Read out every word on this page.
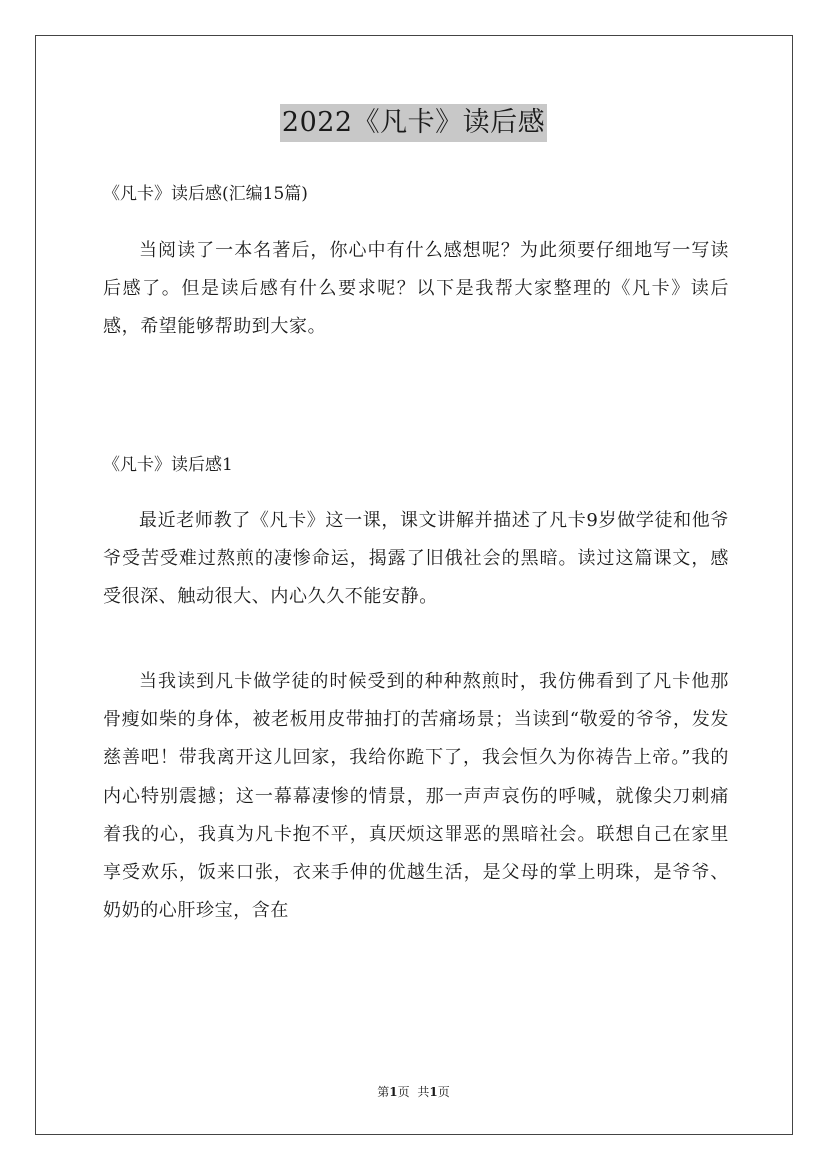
2022《凡卡》读后感
《凡卡》读后感(汇编15篇)

当阅读了一本名著后，你心中有什么感想呢？为此须要仔细地写一写读后感了。但是读后感有什么要求呢？以下是我帮大家整理的《凡卡》读后感，希望能够帮助到大家。

《凡卡》读后感1

最近老师教了《凡卡》这一课，课文讲解并描述了凡卡9岁做学徒和他爷爷受苦受难过熬煎的凄惨命运，揭露了旧俄社会的黑暗。读过这篇课文，感受很深、触动很大、内心久久不能安静。

当我读到凡卡做学徒的时候受到的种种熬煎时，我仿佛看到了凡卡他那骨瘦如柴的身体，被老板用皮带抽打的苦痛场景；当读到“敬爱的爷爷，发发慈善吧！带我离开这儿回家，我给你跪下了，我会恒久为你祷告上帝。”我的内心特别震撼；这一幕幕凄惨的情景，那一声声哀伤的呼喊，就像尖刀刺痛着我的心，我真为凡卡抱不平，真厌烦这罪恶的黑暗社会。联想自己在家里享受欢乐，饭来口张，衣来手伸的优越生活，是父母的掌上明珠，是爷爷、奶奶的心肝珍宝，含在

第1页 共1页
